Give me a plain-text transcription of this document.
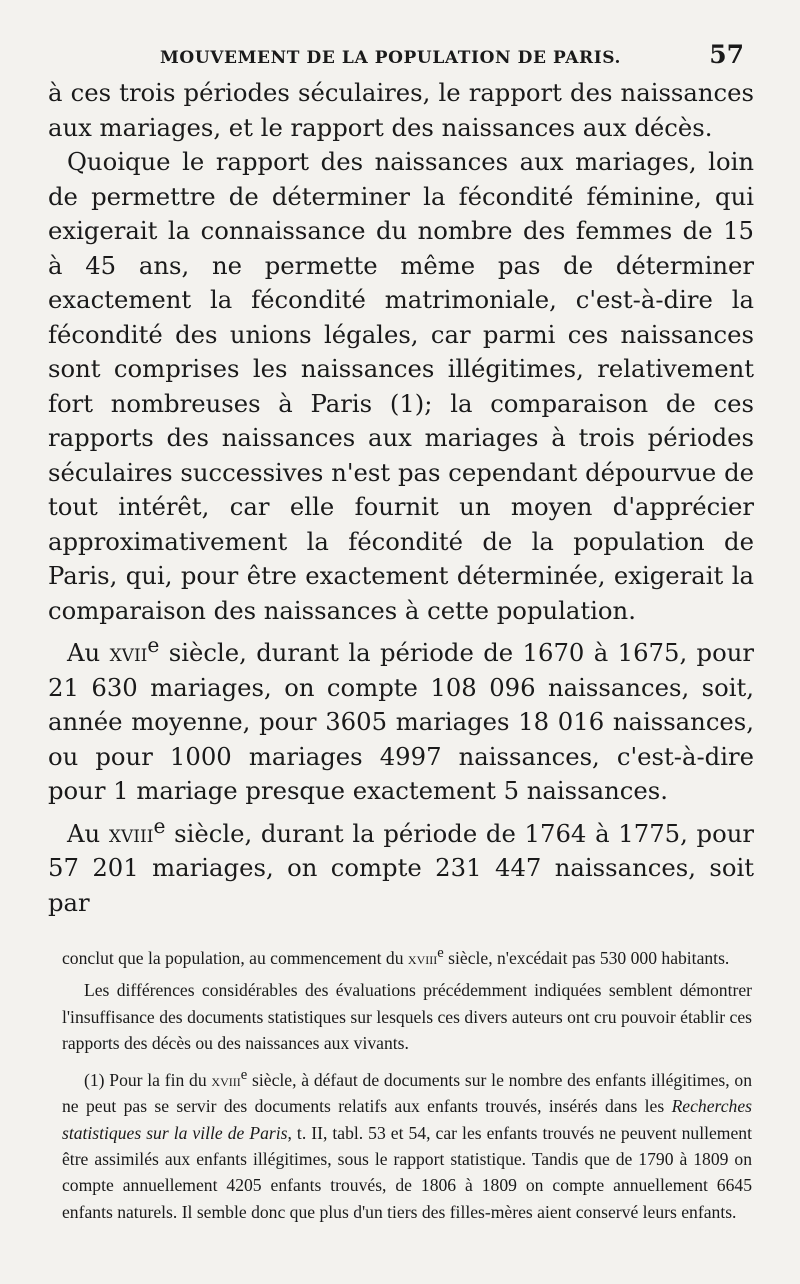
MOUVEMENT DE LA POPULATION DE PARIS.	57

à ces trois périodes séculaires, le rapport des naissances aux mariages, et le rapport des naissances aux décès.

Quoique le rapport des naissances aux mariages, loin de permettre de déterminer la fécondité féminine, qui exigerait la connaissance du nombre des femmes de 15 à 45 ans, ne permette même pas de déterminer exactement la fécondité matrimoniale, c'est-à-dire la fécondité des unions légales, car parmi ces naissances sont comprises les naissances illégitimes, relativement fort nombreuses à Paris (1); la comparaison de ces rapports des naissances aux mariages à trois périodes séculaires successives n'est pas cependant dépourvue de tout intérêt, car elle fournit un moyen d'apprécier approximativement la fécondité de la population de Paris, qui, pour être exactement déterminée, exigerait la comparaison des naissances à cette population.

Au xvii$^e$ siècle, durant la période de 1670 à 1675, pour 21 630 mariages, on compte 108 096 naissances, soit, année moyenne, pour 3605 mariages 18 016 naissances, ou pour 1000 mariages 4997 naissances, c'est-à-dire pour 1 mariage presque exactement 5 naissances.

Au xviii$^e$ siècle, durant la période de 1764 à 1775, pour 57 201 mariages, on compte 231 447 naissances, soit par

conclut que la population, au commencement du xviii$^e$ siècle, n'excédait pas 530 000 habitants.

Les différences considérables des évaluations précédemment indiquées semblent démontrer l'insuffisance des documents statistiques sur lesquels ces divers auteurs ont cru pouvoir établir ces rapports des décès ou des naissances aux vivants.

(1) Pour la fin du xviii$^e$ siècle, à défaut de documents sur le nombre des enfants illégitimes, on ne peut pas se servir des documents relatifs aux enfants trouvés, insérés dans les Recherches statistiques sur la ville de Paris, t. II, tabl. 53 et 54, car les enfants trouvés ne peuvent nullement être assimilés aux enfants illégitimes, sous le rapport statistique. Tandis que de 1790 à 1809 on compte annuellement 4205 enfants trouvés, de 1806 à 1809 on compte annuellement 6645 enfants naturels. Il semble donc que plus d'un tiers des filles-mères aient conservé leurs enfants.
